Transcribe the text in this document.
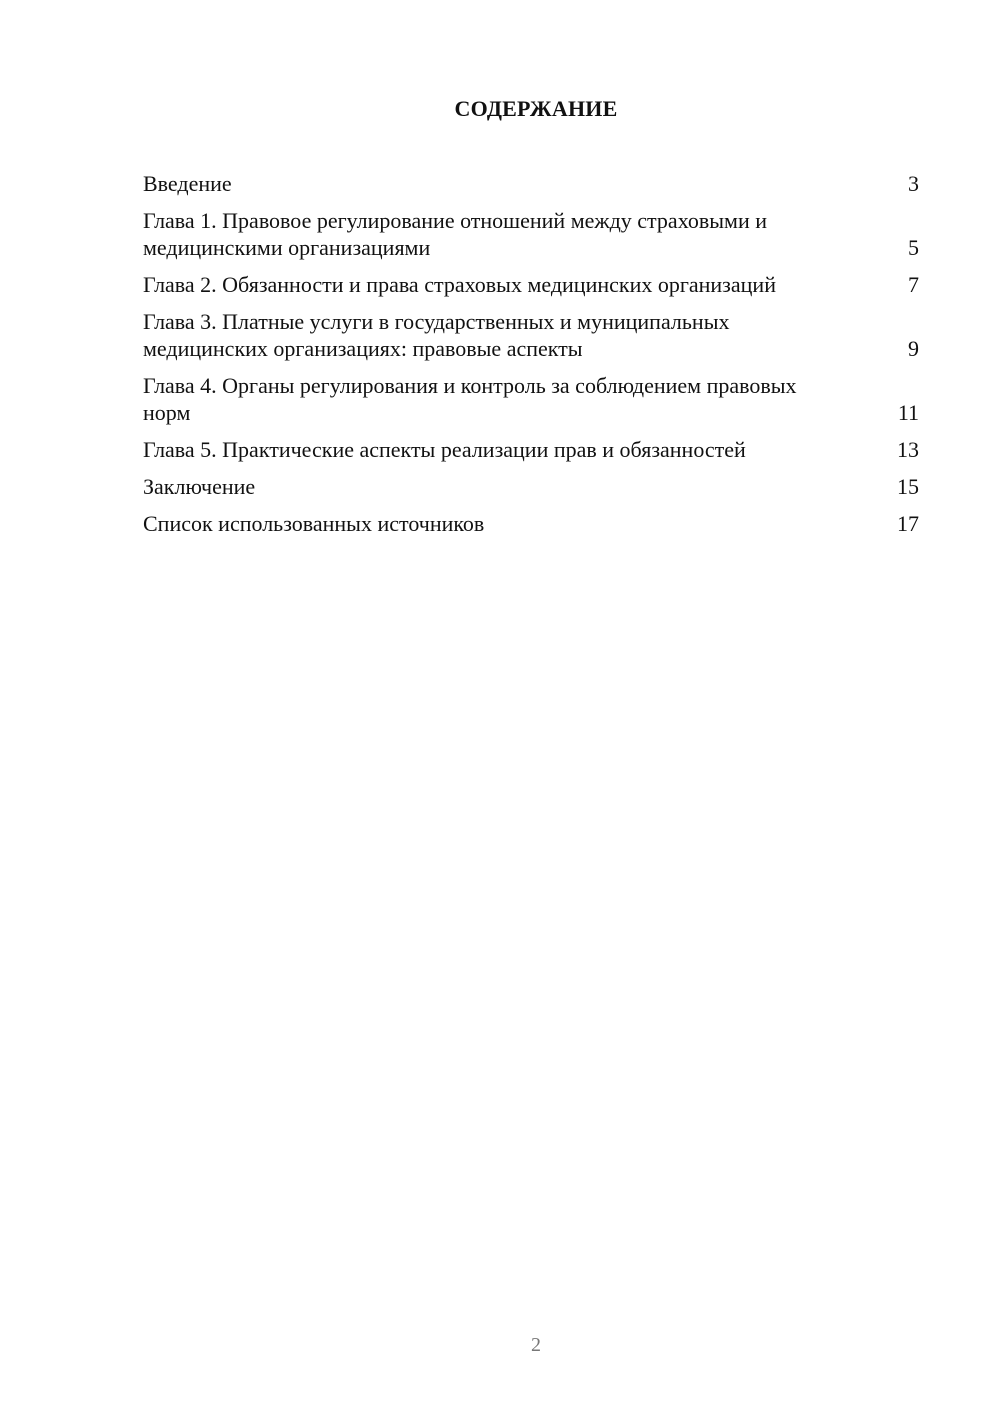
СОДЕРЖАНИЕ
Введение	3
Глава 1. Правовое регулирование отношений между страховыми и медицинскими организациями	5
Глава 2. Обязанности и права страховых медицинских организаций	7
Глава 3. Платные услуги в государственных и муниципальных медицинских организациях: правовые аспекты	9
Глава 4. Органы регулирования и контроль за соблюдением правовых норм	11
Глава 5. Практические аспекты реализации прав и обязанностей	13
Заключение	15
Список использованных источников	17
2
